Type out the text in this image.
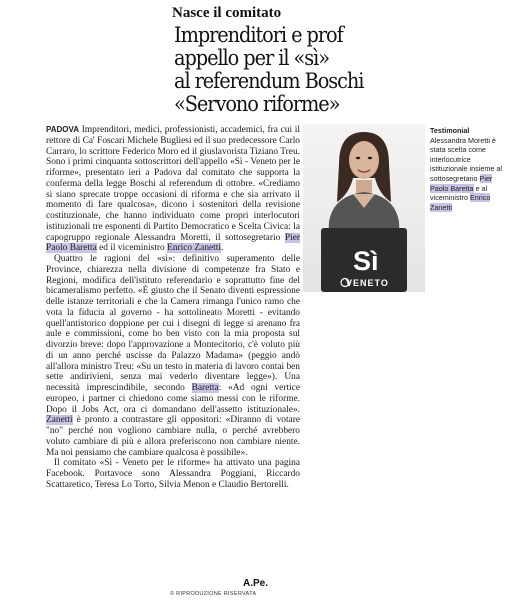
Nasce il comitato
Imprenditori e prof
appello per il «sì»
al referendum Boschi
«Servono riforme»

PADOVA Imprenditori, medici, professionisti, accademici, fra cui il rettore di Ca' Foscari Michele Bugliesi ed il suo predecessore Carlo Carraro, lo scrittore Federico Moro ed il giuslavorista Tiziano Treu. Sono i primi cinquanta sottoscrittori dell'appello «Sì - Veneto per le riforme», presentato ieri a Padova dal comitato che supporta la conferma della legge Boschi al referendum di ottobre. «Crediamo si siano sprecate troppe occasioni di riforma e che sia arrivato il momento di fare qualcosa», dicono i sostenitori della revisione costituzionale, che hanno individuato come propri interlocutori istituzionali tre esponenti di Partito Democratico e Scelta Civica: la capogruppo regionale Alessandra Moretti, il sottosegretario Pier Paolo Baretta ed il viceministro Enrico Zanetti.

Quattro le ragioni del «sì»: definitivo superamento delle Province, chiarezza nella divisione di competenze fra Stato e Regioni, modifica dell'istituto referendario e soprattutto fine del bicameralismo perfetto. «È giusto che il Senato diventi espressione delle istanze territoriali e che la Camera rimanga l'unico ramo che vota la fiducia al governo - ha sottolineato Moretti - evitando quell'antistorico doppione per cui i disegni di legge si arenano fra aule e commissioni, come ho ben visto con la mia proposta sul divorzio breve: dopo l'approvazione a Montecitorio, c'è voluto più di un anno perché uscisse da Palazzo Madama» (peggio andò all'allora ministro Treu: «Su un testo in materia di lavoro contai ben sette andirivieni, senza mai vederlo diventare legge»). Una necessità imprescindibile, secondo Baretta: «Ad ogni vertice europeo, i partner ci chiedono come siamo messi con le riforme. Dopo il Jobs Act, ora ci domandano dell'assetto istituzionale». Zanetti è pronto a contrastare gli oppositori: «Diranno di votare "no" perché non vogliono cambiare nulla, o perché avrebbero voluto cambiare di più e allora preferiscono non cambiare niente. Ma noi pensiamo che cambiare qualcosa è possibile».

Il comitato «Sì - Veneto per le riforme» ha attivato una pagina Facebook. Portavoce sono Alessandra Poggiani, Riccardo Scattaretico, Teresa Lo Torto, Silvia Menon e Claudio Bertorelli.

A.Pe.
© RIPRODUZIONE RISERVATA
Sì
VENETO
Testimonial
Alessandra Moretti è stata scelta come interlocutrice istituzionale insieme al sottosegretario Pier Paolo Baretta e al viceministro Enrico Zanetti
